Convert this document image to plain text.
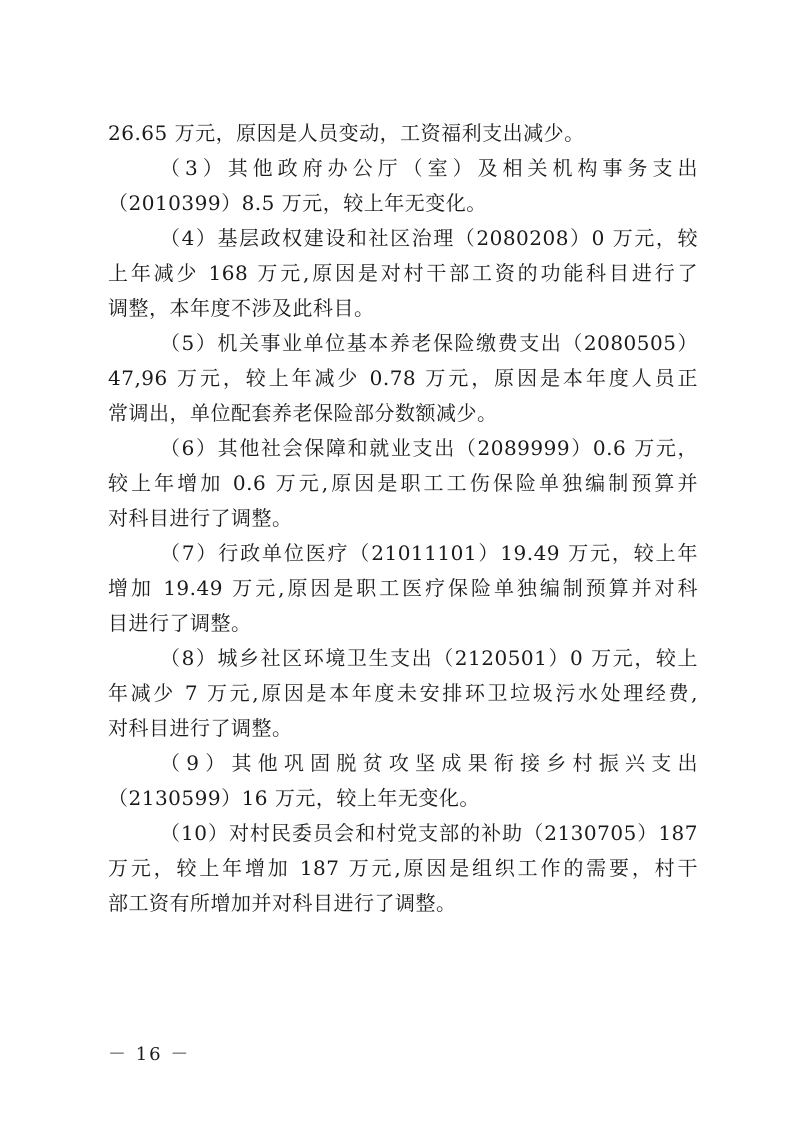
26.65 万元，原因是人员变动，工资福利支出减少。
（3）其他政府办公厅（室）及相关机构事务支出
（2010399）8.5 万元，较上年无变化。
（4）基层政权建设和社区治理（2080208）0 万元，较
上年减少 168 万元,原因是对村干部工资的功能科目进行了
调整，本年度不涉及此科目。
（5）机关事业单位基本养老保险缴费支出（2080505）
47,96 万元，较上年减少 0.78 万元，原因是本年度人员正
常调出，单位配套养老保险部分数额减少。
（6）其他社会保障和就业支出（2089999）0.6 万元，
较上年增加 0.6 万元,原因是职工工伤保险单独编制预算并
对科目进行了调整。
（7）行政单位医疗（21011101）19.49 万元，较上年
增加 19.49 万元,原因是职工医疗保险单独编制预算并对科
目进行了调整。
（8）城乡社区环境卫生支出（2120501）0 万元，较上
年减少 7 万元,原因是本年度未安排环卫垃圾污水处理经费,
对科目进行了调整。
（9）其他巩固脱贫攻坚成果衔接乡村振兴支出
（2130599）16 万元，较上年无变化。
（10）对村民委员会和村党支部的补助（2130705）187
万元，较上年增加 187 万元,原因是组织工作的需要，村干
部工资有所增加并对科目进行了调整。
－ 16 －
